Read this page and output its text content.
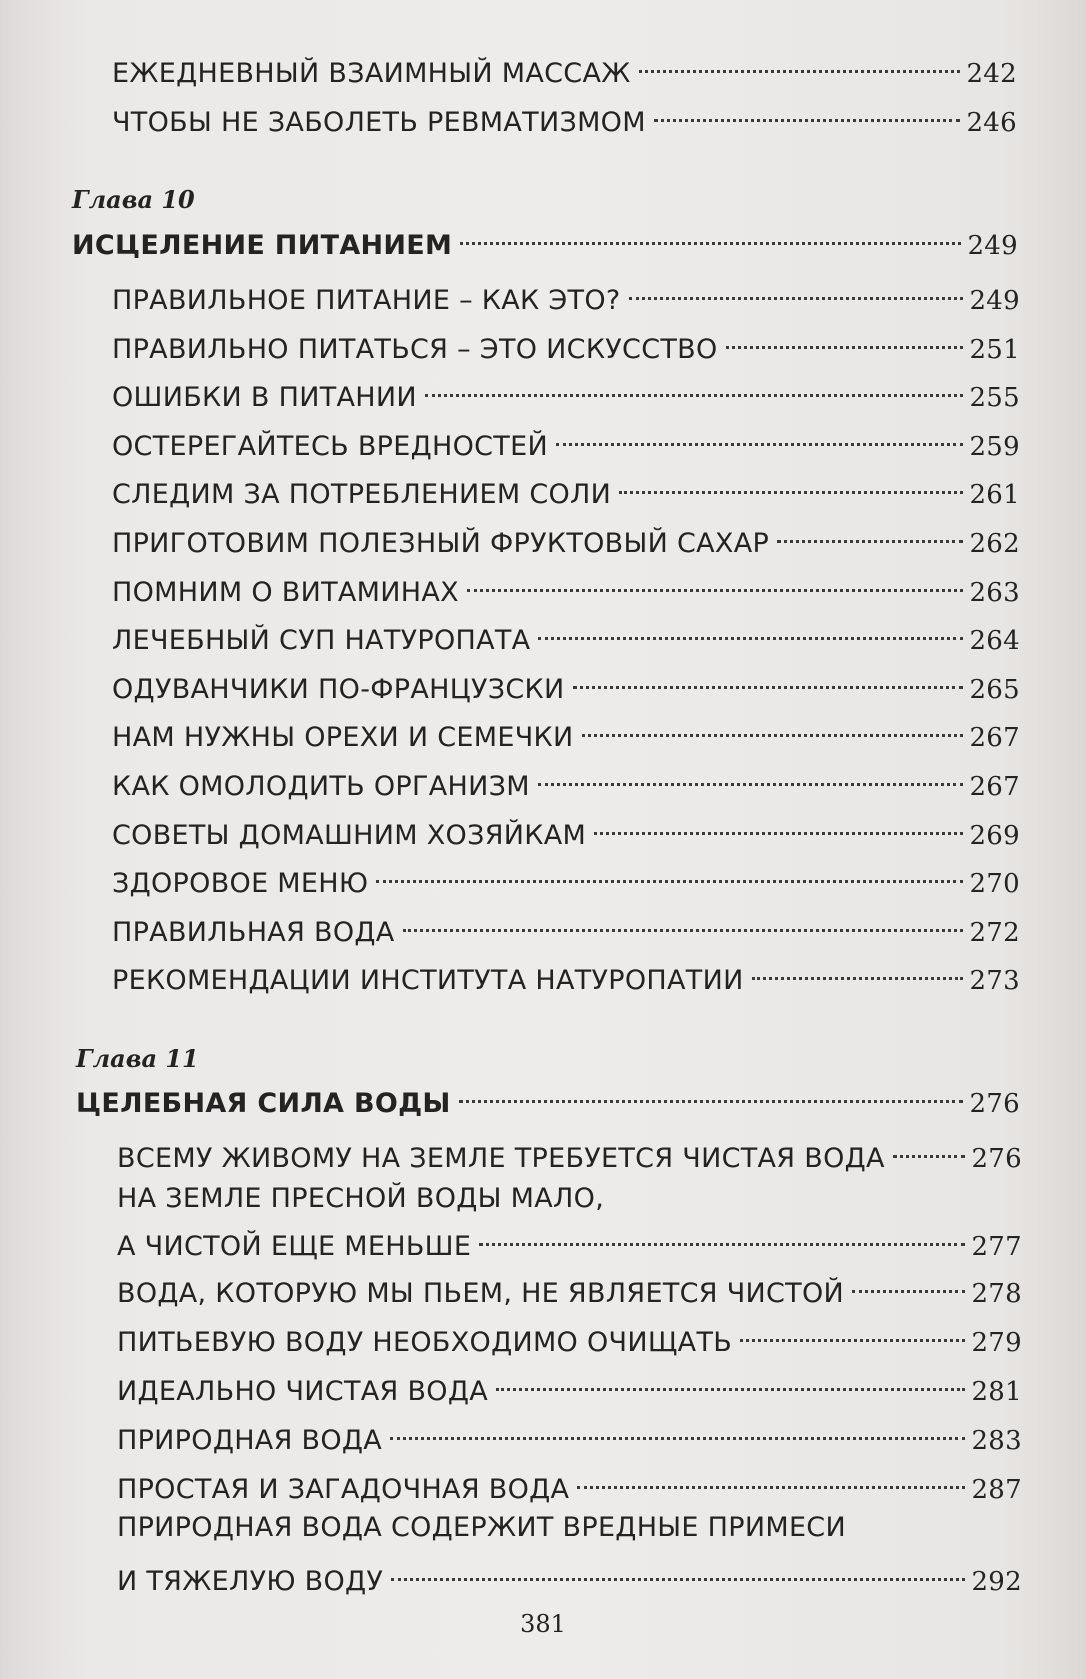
ЕЖЕДНЕВНЫЙ ВЗАИМНЫЙ МАССАЖ	242
ЧТОБЫ НЕ ЗАБОЛЕТЬ РЕВМАТИЗМОМ	246
Глава 10
ИСЦЕЛЕНИЕ ПИТАНИЕМ	249
ПРАВИЛЬНОЕ ПИТАНИЕ – КАК ЭТО?	249
ПРАВИЛЬНО ПИТАТЬСЯ – ЭТО ИСКУССТВО	251
ОШИБКИ В ПИТАНИИ	255
ОСТЕРЕГАЙТЕСЬ ВРЕДНОСТЕЙ	259
СЛЕДИМ ЗА ПОТРЕБЛЕНИЕМ СОЛИ	261
ПРИГОТОВИМ ПОЛЕЗНЫЙ ФРУКТОВЫЙ САХАР	262
ПОМНИМ О ВИТАМИНАХ	263
ЛЕЧЕБНЫЙ СУП НАТУРОПАТА	264
ОДУВАНЧИКИ ПО-ФРАНЦУЗСКИ	265
НАМ НУЖНЫ ОРЕХИ И СЕМЕЧКИ	267
КАК ОМОЛОДИТЬ ОРГАНИЗМ	267
СОВЕТЫ ДОМАШНИМ ХОЗЯЙКАМ	269
ЗДОРОВОЕ МЕНЮ	270
ПРАВИЛЬНАЯ ВОДА	272
РЕКОМЕНДАЦИИ ИНСТИТУТА НАТУРОПАТИИ	273
Глава 11
ЦЕЛЕБНАЯ СИЛА ВОДЫ	276
ВСЕМУ ЖИВОМУ НА ЗЕМЛЕ ТРЕБУЕТСЯ ЧИСТАЯ ВОДА	276
НА ЗЕМЛЕ ПРЕСНОЙ ВОДЫ МАЛО,
А ЧИСТОЙ ЕЩЕ МЕНЬШЕ	277
ВОДА, КОТОРУЮ МЫ ПЬЕМ, НЕ ЯВЛЯЕТСЯ ЧИСТОЙ	278
ПИТЬЕВУЮ ВОДУ НЕОБХОДИМО ОЧИЩАТЬ	279
ИДЕАЛЬНО ЧИСТАЯ ВОДА	281
ПРИРОДНАЯ ВОДА	283
ПРОСТАЯ И ЗАГАДОЧНАЯ ВОДА	287
ПРИРОДНАЯ ВОДА СОДЕРЖИТ ВРЕДНЫЕ ПРИМЕСИ
И ТЯЖЕЛУЮ ВОДУ	292
381
